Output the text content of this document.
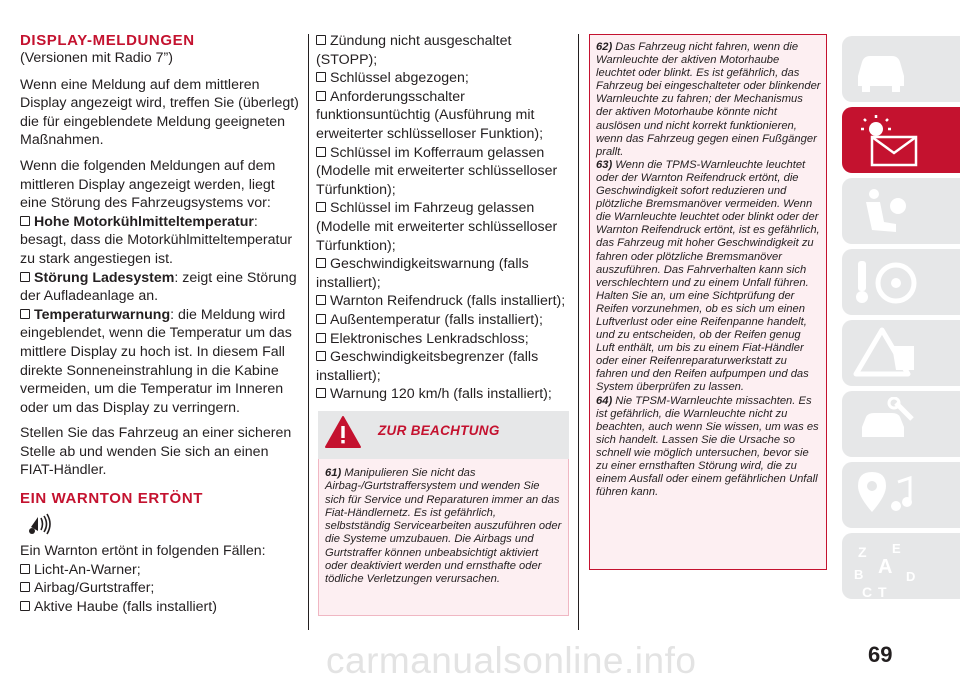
DISPLAY-MELDUNGEN
(Versionen mit Radio 7”)

Wenn eine Meldung auf dem mittleren Display angezeigt wird, treffen Sie (überlegt) die für eingeblendete Meldung geeigneten Maßnahmen.

Wenn die folgenden Meldungen auf dem mittleren Display angezeigt werden, liegt eine Störung des Fahrzeugsystems vor:

Hohe Motorkühlmitteltemperatur: besagt, dass die Motorkühlmitteltemperatur zu stark angestiegen ist.
Störung Ladesystem: zeigt eine Störung der Aufladeanlage an.
Temperaturwarnung: die Meldung wird eingeblendet, wenn die Temperatur um das mittlere Display zu hoch ist. In diesem Fall direkte Sonneneinstrahlung in die Kabine vermeiden, um die Temperatur im Inneren oder um das Display zu verringern.

Stellen Sie das Fahrzeug an einer sicheren Stelle ab und wenden Sie sich an einen FIAT-Händler.

EIN WARNTON ERTÖNT

Ein Warnton ertönt in folgenden Fällen:

Licht-An-Warner;
Airbag/Gurtstraffer;
Aktive Haube (falls installiert)
Zündung nicht ausgeschaltet (STOPP);
Schlüssel abgezogen;
Anforderungsschalter funktionsuntüchtig (Ausführung mit erweiterter schlüsselloser Funktion);
Schlüssel im Kofferraum gelassen (Modelle mit erweiterter schlüsselloser Türfunktion);
Schlüssel im Fahrzeug gelassen (Modelle mit erweiterter schlüsselloser Türfunktion);
Geschwindigkeitswarnung (falls installiert);
Warnton Reifendruck (falls installiert);
Außentemperatur (falls installiert);
Elektronisches Lenkradschloss;
Geschwindigkeitsbegrenzer (falls installiert);
Warnung 120 km/h (falls installiert);
ZUR BEACHTUNG
61) Manipulieren Sie nicht das Airbag-/Gurtstraffersystem und wenden Sie sich für Service und Reparaturen immer an das Fiat-Händlernetz. Es ist gefährlich, selbstständig Servicearbeiten auszuführen oder die Systeme umzubauen. Die Airbags und Gurtstraffer können unbeabsichtigt aktiviert oder deaktiviert werden und ernsthafte oder tödliche Verletzungen verursachen.

62) Das Fahrzeug nicht fahren, wenn die Warnleuchte der aktiven Motorhaube leuchtet oder blinkt. Es ist gefährlich, das Fahrzeug bei eingeschalteter oder blinkender Warnleuchte zu fahren; der Mechanismus der aktiven Motorhaube könnte nicht auslösen und nicht korrekt funktionieren, wenn das Fahrzeug gegen einen Fußgänger prallt.

63) Wenn die TPMS-Warnleuchte leuchtet oder der Warnton Reifendruck ertönt, die Geschwindigkeit sofort reduzieren und plötzliche Bremsmanöver vermeiden. Wenn die Warnleuchte leuchtet oder blinkt oder der Warnton Reifendruck ertönt, ist es gefährlich, das Fahrzeug mit hoher Geschwindigkeit zu fahren oder plötzliche Bremsmanöver auszuführen. Das Fahrverhalten kann sich verschlechtern und zu einem Unfall führen. Halten Sie an, um eine Sichtprüfung der Reifen vorzunehmen, ob es sich um einen Luftverlust oder eine Reifenpanne handelt, und zu entscheiden, ob der Reifen genug Luft enthält, um bis zu einem Fiat-Händler oder einer Reifenreparaturwerkstatt zu fahren und den Reifen aufpumpen und das System überprüfen zu lassen.

64) Nie TPSM-Warnleuchte missachten. Es ist gefährlich, die Warnleuchte nicht zu beachten, auch wenn Sie wissen, um was es sich handelt. Lassen Sie die Ursache so schnell wie möglich untersuchen, bevor sie zu einer ernsthaften Störung wird, die zu einem Ausfall oder einem gefährlichen Unfall führen kann.

Z E
A
B
C T
D
69
carmanualsonline.info
